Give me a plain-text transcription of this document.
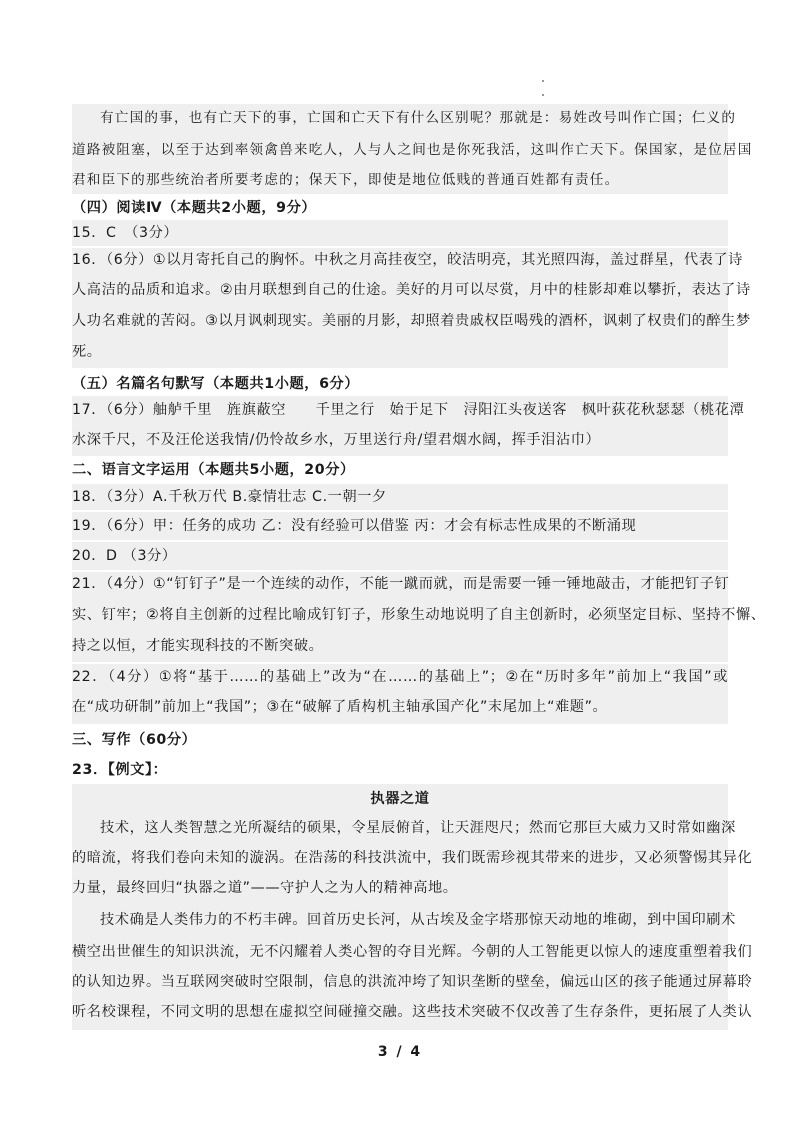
有亡国的事，也有亡天下的事，亡国和亡天下有什么区别呢？那就是：易姓改号叫作亡国；仁义的
道路被阻塞，以至于达到率领禽兽来吃人，人与人之间也是你死我活，这叫作亡天下。保国家，是位居国
君和臣下的那些统治者所要考虑的；保天下，即使是地位低贱的普通百姓都有责任。
（四）阅读Ⅳ（本题共2小题，9分）
15．C　（3分）
16．（6分）①以月寄托自己的胸怀。中秋之月高挂夜空，皎洁明亮，其光照四海，盖过群星，代表了诗
人高洁的品质和追求。②由月联想到自己的仕途。美好的月可以尽赏，月中的桂影却难以攀折，表达了诗
人功名难就的苦闷。③以月讽刺现实。美丽的月影，却照着贵戚权臣喝残的酒杯，讽刺了权贵们的醉生梦
死。
（五）名篇名句默写（本题共1小题，6分）
17．（6分）舳舻千里　旌旗蔽空　　千里之行　始于足下　浔阳江头夜送客　枫叶荻花秋瑟瑟（桃花潭
水深千尺，不及汪伦送我情/仍怜故乡水，万里送行舟/望君烟水阔，挥手泪沾巾）
二、语言文字运用（本题共5小题，20分）
18．（3分）A.千秋万代 B.豪情壮志 C.一朝一夕
19．（6分）甲：任务的成功 乙：没有经验可以借鉴 丙：才会有标志性成果的不断涌现
20．D （3分）
21．（4分）①“钉钉子”是一个连续的动作，不能一蹴而就，而是需要一锤一锤地敲击，才能把钉子钉
实、钉牢；②将自主创新的过程比喻成钉钉子，形象生动地说明了自主创新时，必须坚定目标、坚持不懈、
持之以恒，才能实现科技的不断突破。
22．（4分）①将“基于……的基础上”改为“在……的基础上”；②在“历时多年”前加上“我国”或
在“成功研制”前加上“我国”；③在“破解了盾构机主轴承国产化”末尾加上“难题”。
三、写作（60分）
23．【例文】：
执器之道
技术，这人类智慧之光所凝结的硕果，令星辰俯首，让天涯咫尺；然而它那巨大威力又时常如幽深
的暗流，将我们卷向未知的漩涡。在浩荡的科技洪流中，我们既需珍视其带来的进步，又必须警惕其异化
力量，最终回归“执器之道”——守护人之为人的精神高地。
技术确是人类伟力的不朽丰碑。回首历史长河，从古埃及金字塔那惊天动地的堆砌，到中国印刷术
横空出世催生的知识洪流，无不闪耀着人类心智的夺目光辉。今朝的人工智能更以惊人的速度重塑着我们
的认知边界。当互联网突破时空限制，信息的洪流冲垮了知识垄断的壁垒，偏远山区的孩子能通过屏幕聆
听名校课程，不同文明的思想在虚拟空间碰撞交融。这些技术突破不仅改善了生存条件，更拓展了人类认
3 / 4
